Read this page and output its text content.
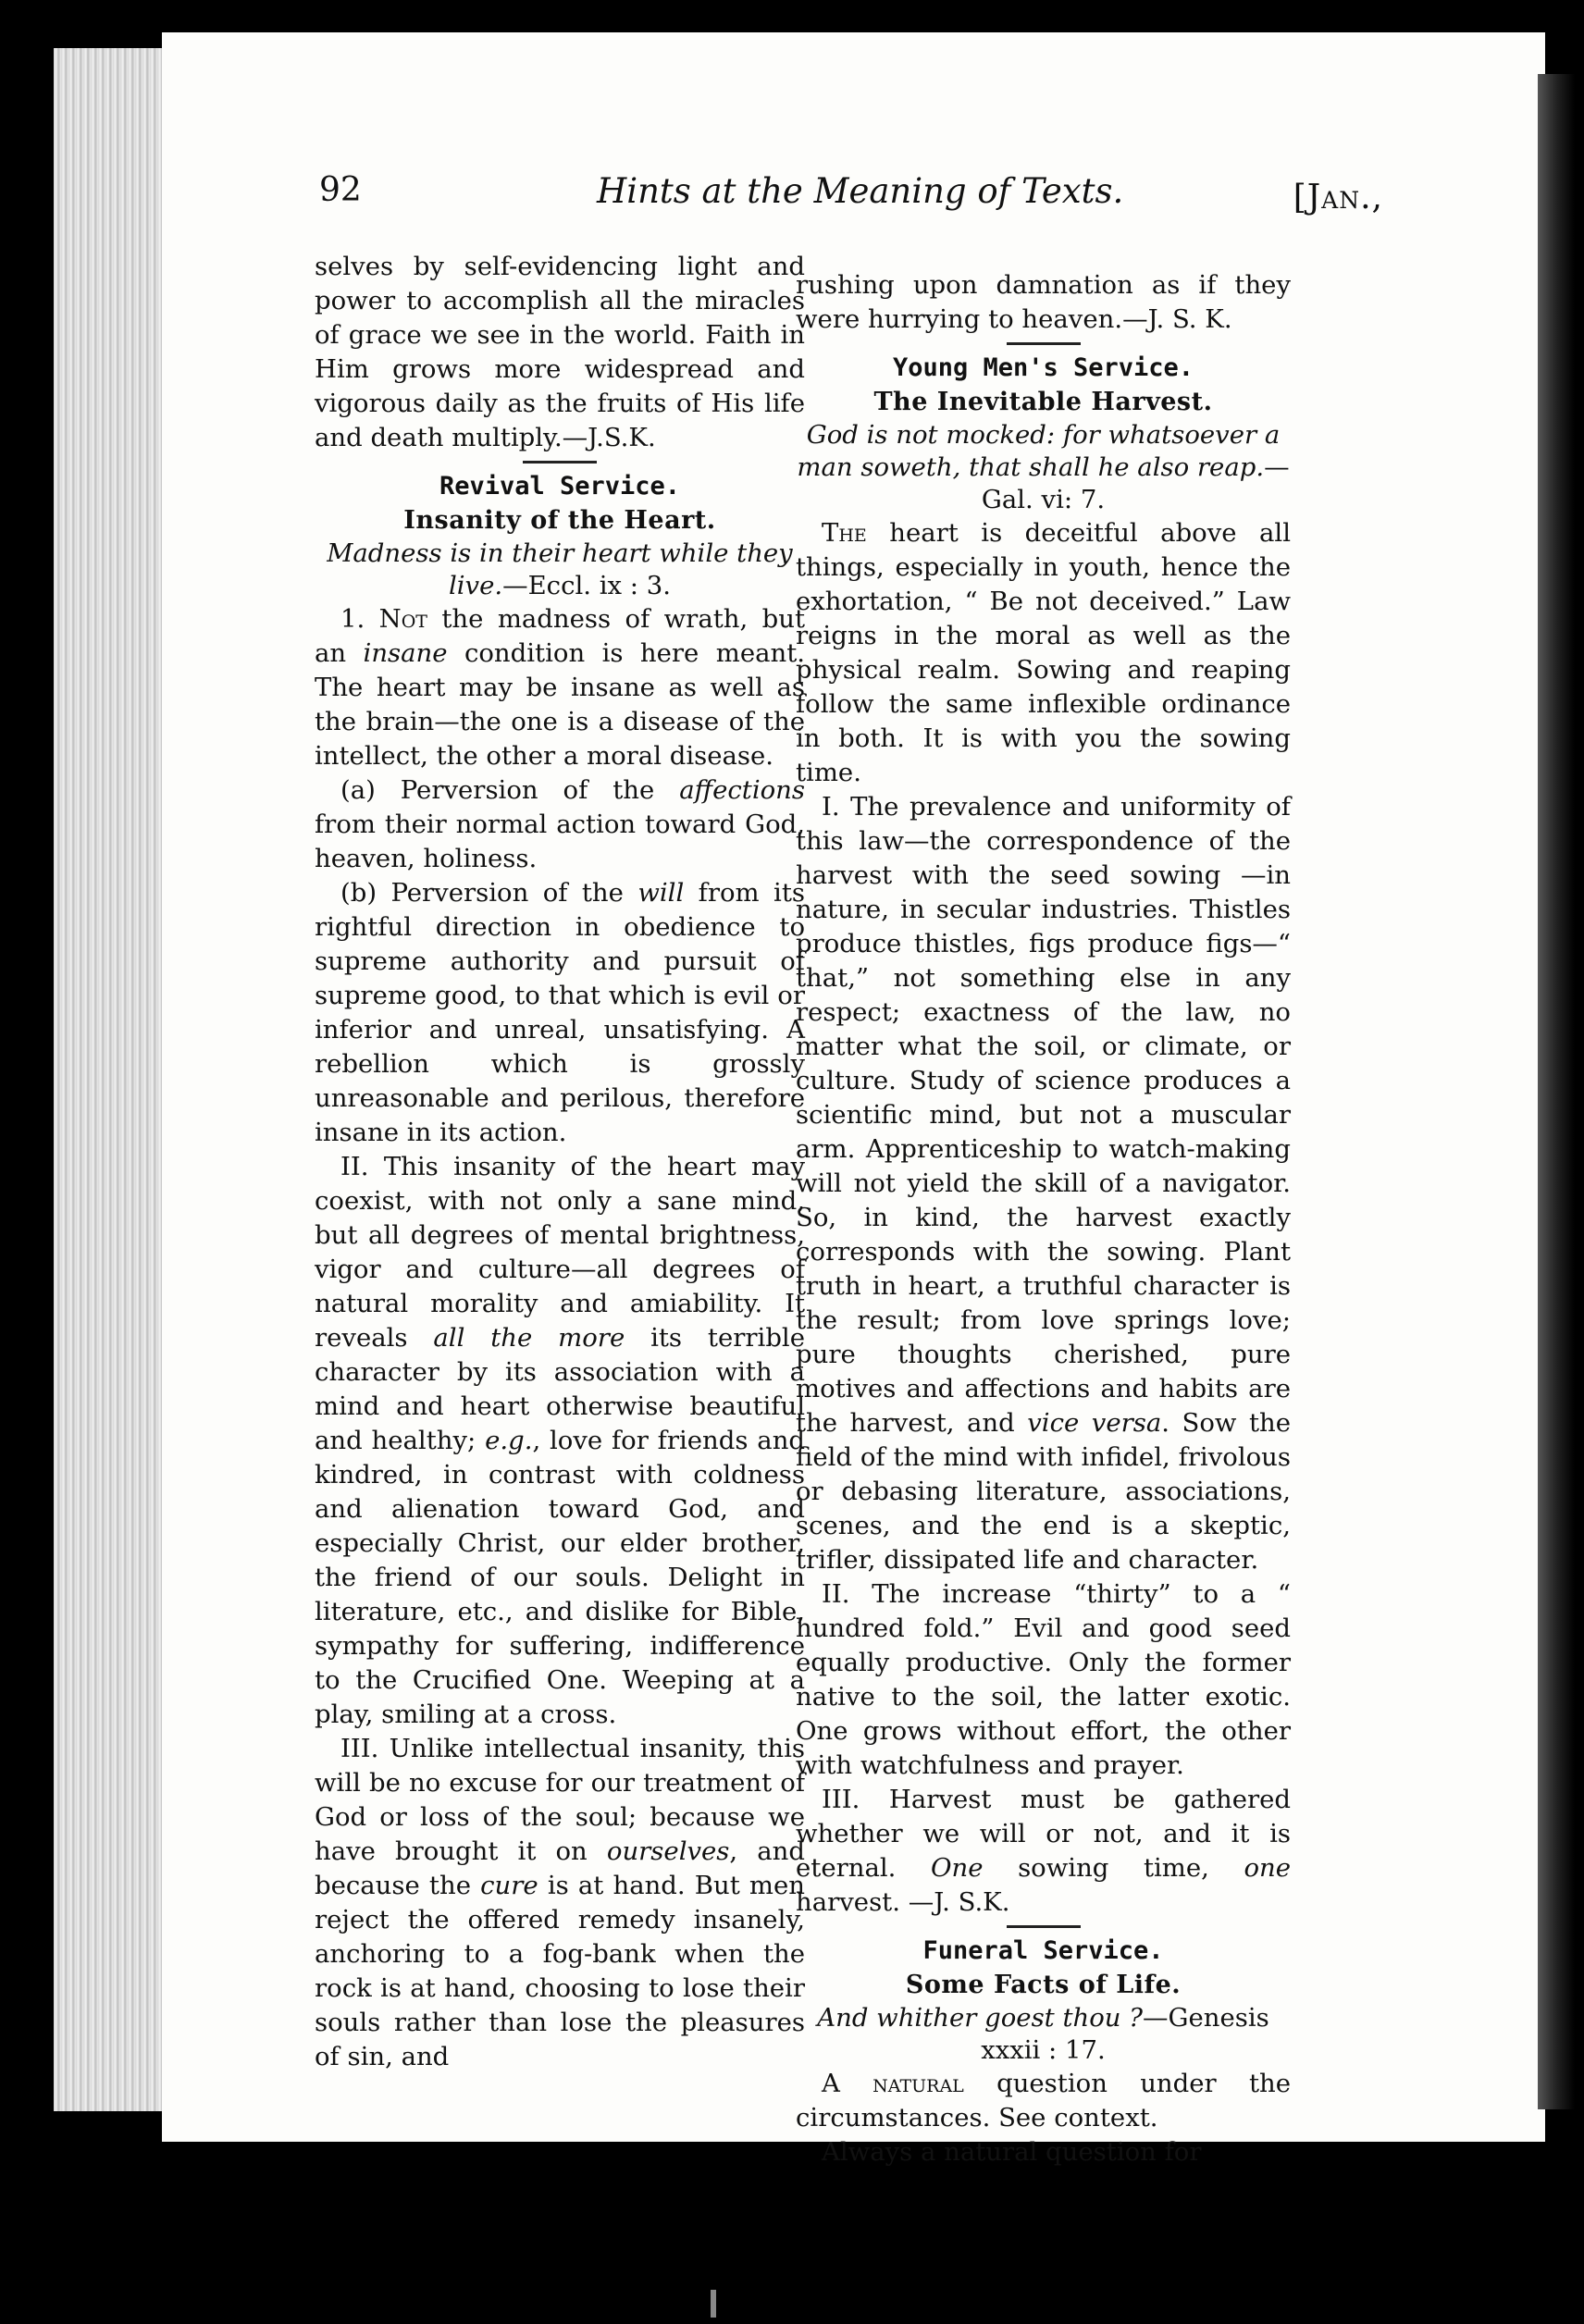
92	Hints at the Meaning of Texts.	[Jan.,

selves by self-evidencing light and power to accomplish all the miracles of grace we see in the world. Faith in Him grows more widespread and vigorous daily as the fruits of His life and death multiply.—J.S.K.

Revival Service.
Insanity of the Heart.
Madness is in their heart while they live.—Eccl. ix : 3.

1. Not the madness of wrath, but an insane condition is here meant. The heart may be insane as well as the brain—the one is a disease of the intellect, the other a moral disease.

(a) Perversion of the affections from their normal action toward God, heaven, holiness.

(b) Perversion of the will from its rightful direction in obedience to supreme authority and pursuit of supreme good, to that which is evil or inferior and unreal, unsatisfying. A rebellion which is grossly unreasonable and perilous, therefore insane in its action.

II. This insanity of the heart may coexist, with not only a sane mind, but all degrees of mental brightness, vigor and culture—all degrees of natural morality and amiability. It reveals all the more its terrible character by its association with a mind and heart otherwise beautiful and healthy; e.g., love for friends and kindred, in contrast with coldness and alienation toward God, and especially Christ, our elder brother, the friend of our souls. Delight in literature, etc., and dislike for Bible, sympathy for suffering, indifference to the Crucified One. Weeping at a play, smiling at a cross.

III. Unlike intellectual insanity, this will be no excuse for our treatment of God or loss of the soul; because we have brought it on ourselves, and because the cure is at hand. But men reject the offered remedy insanely, anchoring to a fog-bank when the rock is at hand, choosing to lose their souls rather than lose the pleasures of sin, and

rushing upon damnation as if they were hurrying to heaven.—J. S. K.

Young Men's Service.
The Inevitable Harvest.
God is not mocked: for whatsoever a man soweth, that shall he also reap.—Gal. vi: 7.

The heart is deceitful above all things, especially in youth, hence the exhortation, “ Be not deceived.” Law reigns in the moral as well as the physical realm. Sowing and reaping follow the same inflexible ordinance in both. It is with you the sowing time.

I. The prevalence and uniformity of this law—the correspondence of the harvest with the seed sowing —in nature, in secular industries. Thistles produce thistles, figs produce figs—“ that,” not something else in any respect; exactness of the law, no matter what the soil, or climate, or culture. Study of science produces a scientific mind, but not a muscular arm. Apprenticeship to watch-making will not yield the skill of a navigator. So, in kind, the harvest exactly corresponds with the sowing. Plant truth in heart, a truthful character is the result; from love springs love; pure thoughts cherished, pure motives and affections and habits are the harvest, and vice versa. Sow the field of the mind with infidel, frivolous or debasing literature, associations, scenes, and the end is a skeptic, trifler, dissipated life and character.

II. The increase “thirty” to a “ hundred fold.” Evil and good seed equally productive. Only the former native to the soil, the latter exotic. One grows without effort, the other with watchfulness and prayer.

III. Harvest must be gathered whether we will or not, and it is eternal. One sowing time, one harvest. —J. S.K.

Funeral Service.
Some Facts of Life.
And whither goest thou ?—Genesis xxxii : 17.

A natural question under the circumstances. See context.

Always a natural question for
